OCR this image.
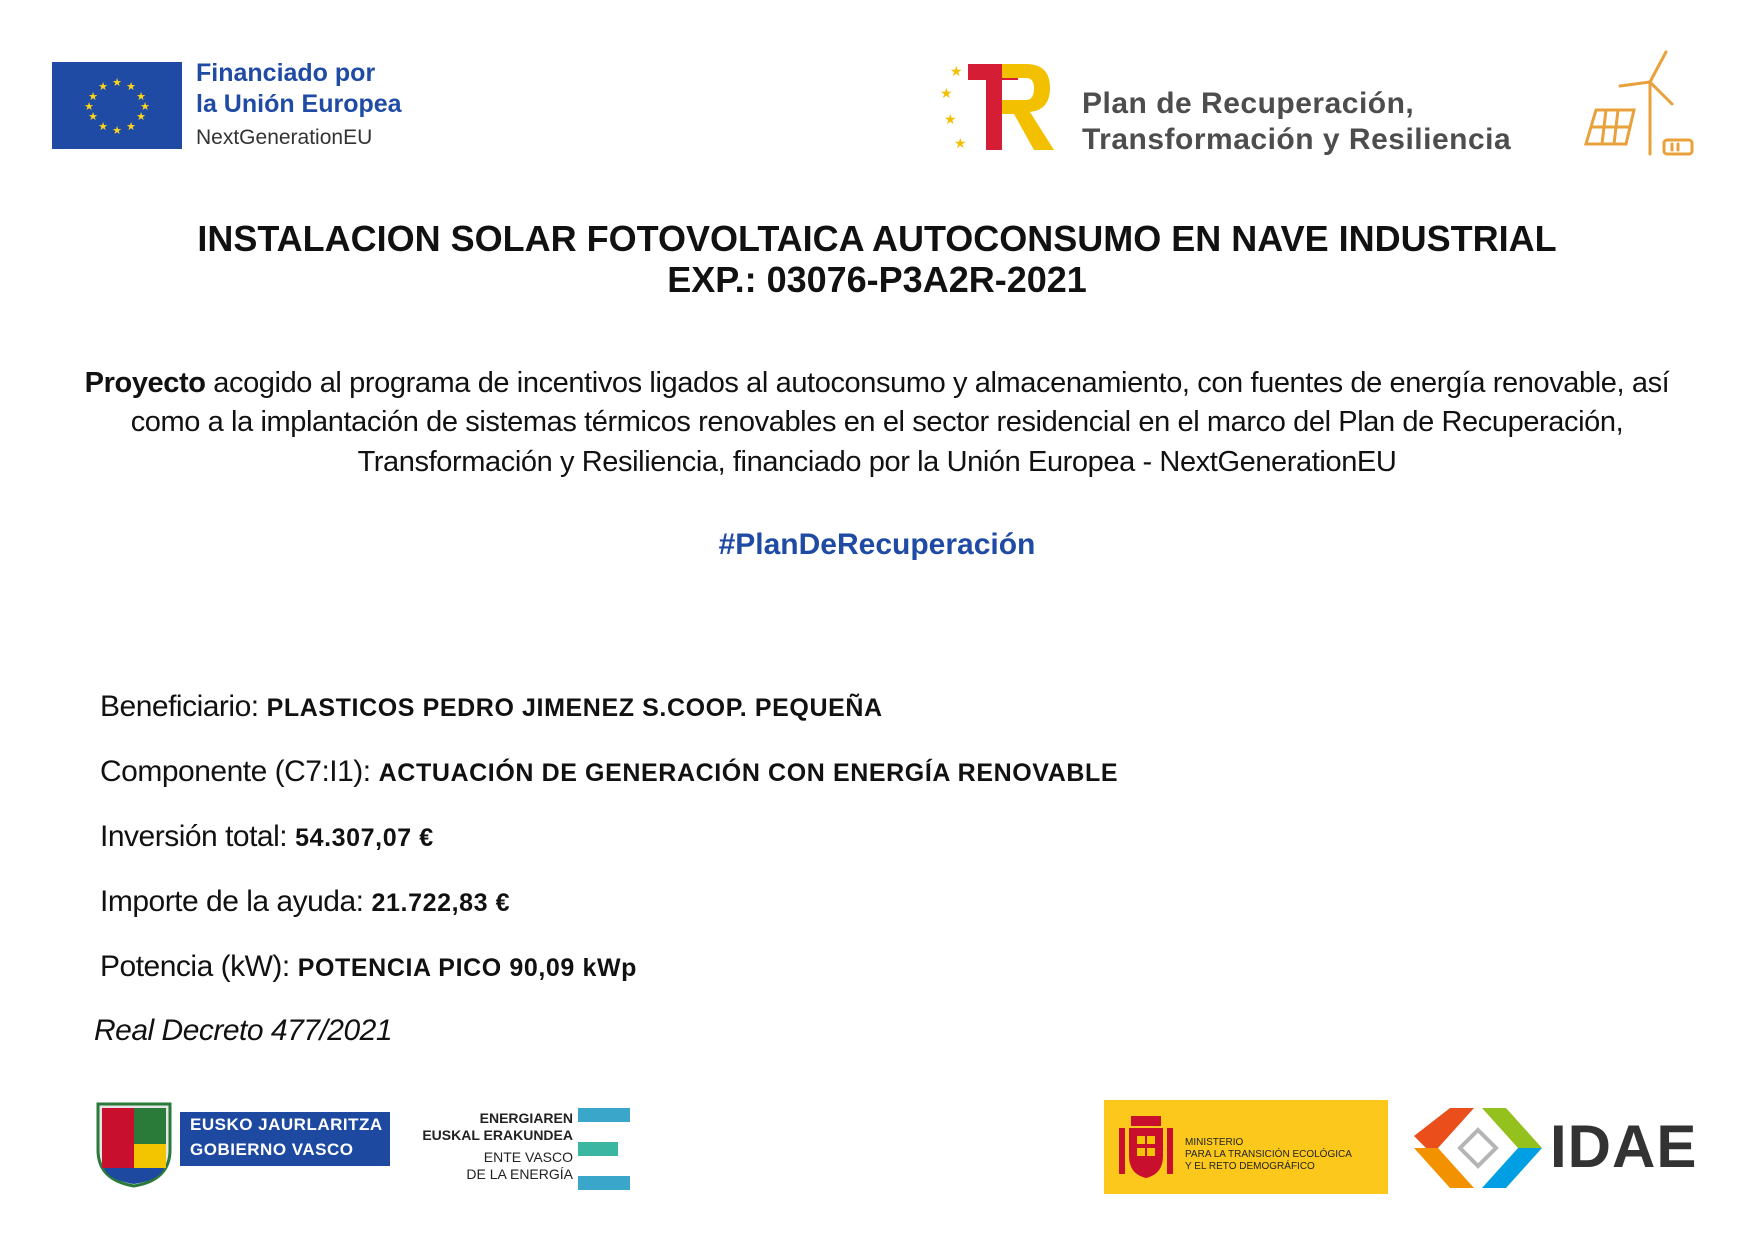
★ ★
★
★
★
★
★
★
★
★
★
★	Financiado por
la Unión Europea
NextGenerationEU
★
★
★
★
Plan de Recuperación,
Transformación y Resiliencia
INSTALACION SOLAR FOTOVOLTAICA AUTOCONSUMO EN NAVE INDUSTRIAL
EXP.: 03076-P3A2R-2021
Proyecto acogido al programa de incentivos ligados al autoconsumo y almacenamiento, con fuentes de energía renovable, así como a la implantación de sistemas térmicos renovables en el sector residencial en el marco del Plan de Recuperación, Transformación y Resiliencia, financiado por la Unión Europea - NextGenerationEU
#PlanDeRecuperación
Beneficiario: PLASTICOS PEDRO JIMENEZ S.COOP. PEQUEÑA
Componente (C7:I1): ACTUACIÓN DE GENERACIÓN CON ENERGÍA RENOVABLE
Inversión total: 54.307,07 €
Importe de la ayuda: 21.722,83 €
Potencia (kW): POTENCIA PICO 90,09 kWp
Real Decreto 477/2021
EUSKO JAURLARITZA
GOBIERNO VASCO
ENERGIAREN
EUSKAL ERAKUNDEA
ENTE VASCO
DE LA ENERGÍA
MINISTERIO
PARA LA TRANSICIÓN ECOLÓGICA
Y EL RETO DEMOGRÁFICO	IDAE
